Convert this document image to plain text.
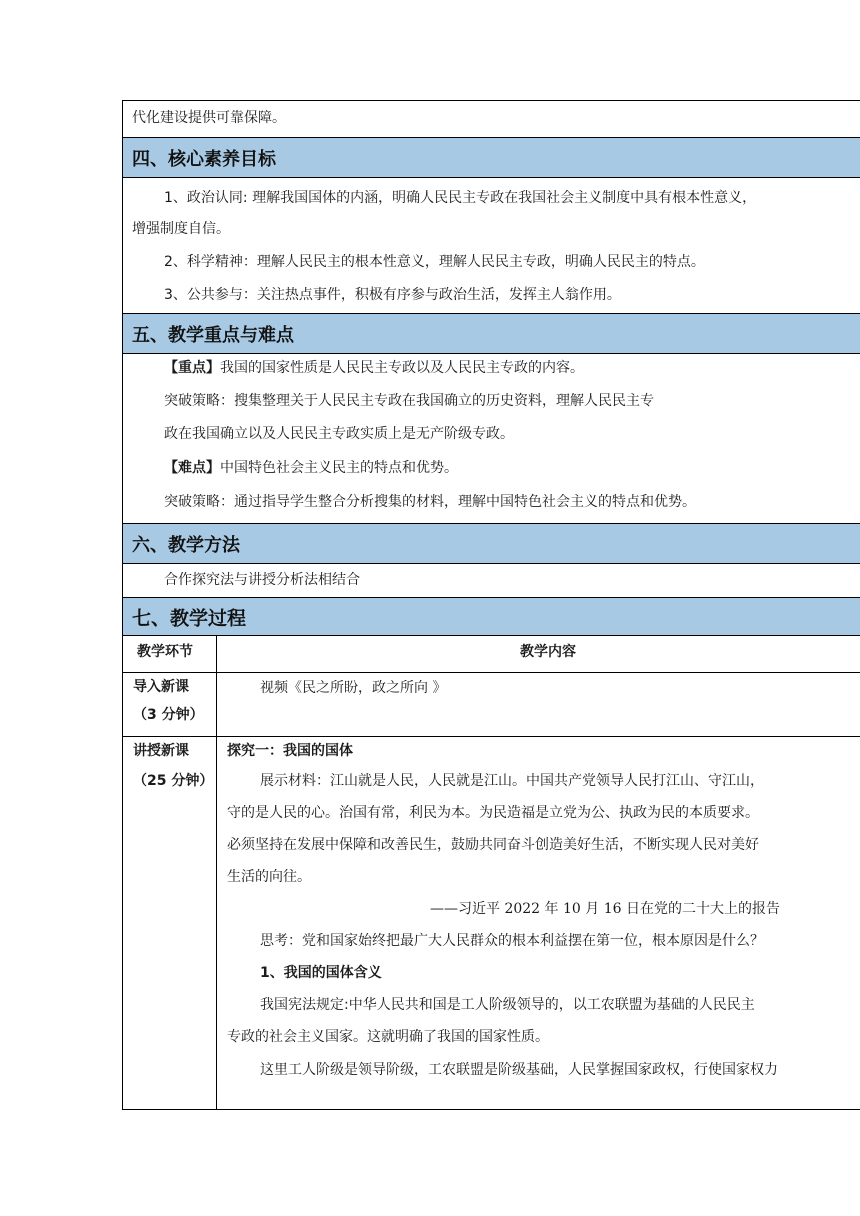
代化建设提供可靠保障。
四、核心素养目标
1、政治认同: 理解我国国体的内涵，明确人民民主专政在我国社会主义制度中具有根本性意义，
增强制度自信。
2、科学精神：理解人民民主的根本性意义，理解人民民主专政，明确人民民主的特点。
3、公共参与：关注热点事件，积极有序参与政治生活，发挥主人翁作用。
五、教学重点与难点
【重点】我国的国家性质是人民民主专政以及人民民主专政的内容。
突破策略：搜集整理关于人民民主专政在我国确立的历史资料，理解人民民主专
政在我国确立以及人民民主专政实质上是无产阶级专政。
【难点】中国特色社会主义民主的特点和优势。
突破策略：通过指导学生整合分析搜集的材料，理解中国特色社会主义的特点和优势。
六、教学方法
合作探究法与讲授分析法相结合
七、教学过程
教学环节	教学内容
导入新课
（3 分钟）
视频《民之所盼，政之所向 》
讲授新课
（25 分钟）
探究一：我国的国体
展示材料：江山就是人民，人民就是江山。中国共产党领导人民打江山、守江山，
守的是人民的心。治国有常，利民为本。为民造福是立党为公、执政为民的本质要求。
必须坚持在发展中保障和改善民生，鼓励共同奋斗创造美好生活，不断实现人民对美好
生活的向往。
——习近平 2022 年 10 月 16 日在党的二十大上的报告
思考：党和国家始终把最广大人民群众的根本利益摆在第一位，根本原因是什么？
1、我国的国体含义
我国宪法规定:中华人民共和国是工人阶级领导的，以工农联盟为基础的人民民主
专政的社会主义国家。这就明确了我国的国家性质。
这里工人阶级是领导阶级，工农联盟是阶级基础，人民掌握国家政权，行使国家权力
